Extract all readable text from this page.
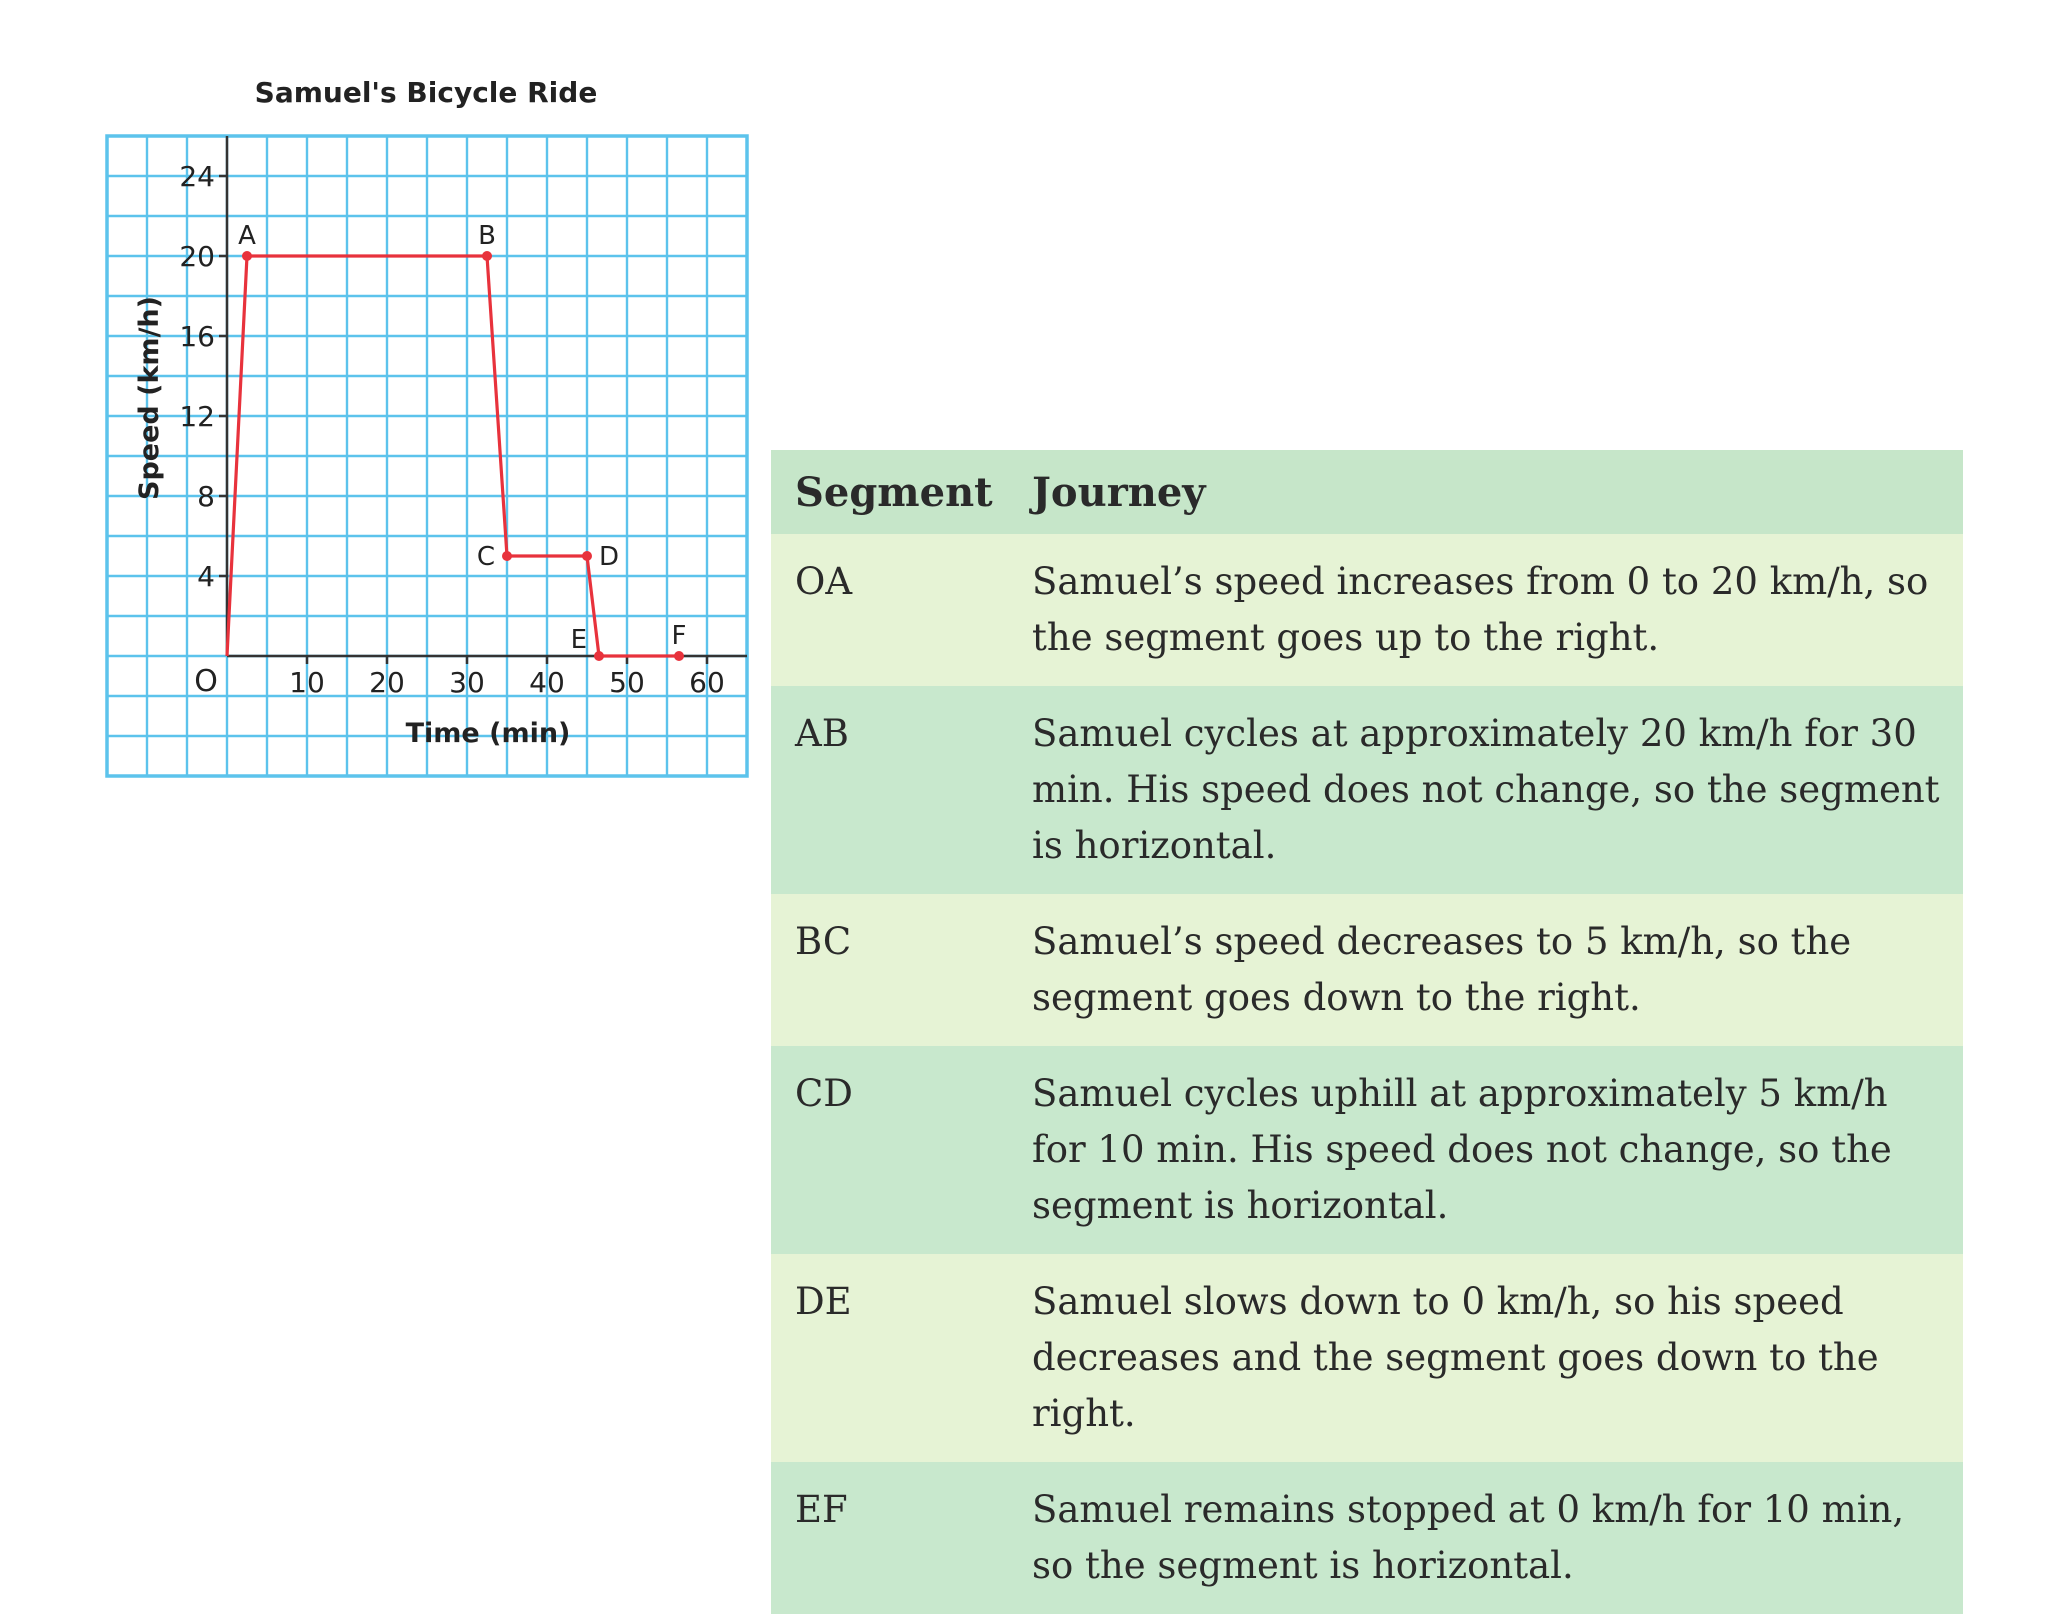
Samuel's Bicycle Ride
4
8
12
16
20
24
10 20 30 40 50 60
A	B
C	D
E	F
Time (min)
Speed (km/h)
O
Segment	Journey
OA	Samuel’s speed increases from 0 to 20 km/h, so the segment goes up to the right.
AB	Samuel cycles at approximately 20 km/h for 30 min. His speed does not change, so the segment is horizontal.
BC	Samuel’s speed decreases to 5 km/h, so the segment goes down to the right.
CD	Samuel cycles uphill at approximately 5 km/h for 10 min. His speed does not change, so the segment is horizontal.
DE	Samuel slows down to 0 km/h, so his speed decreases and the segment goes down to the right.
EF	Samuel remains stopped at 0 km/h for 10 min, so the segment is horizontal.
